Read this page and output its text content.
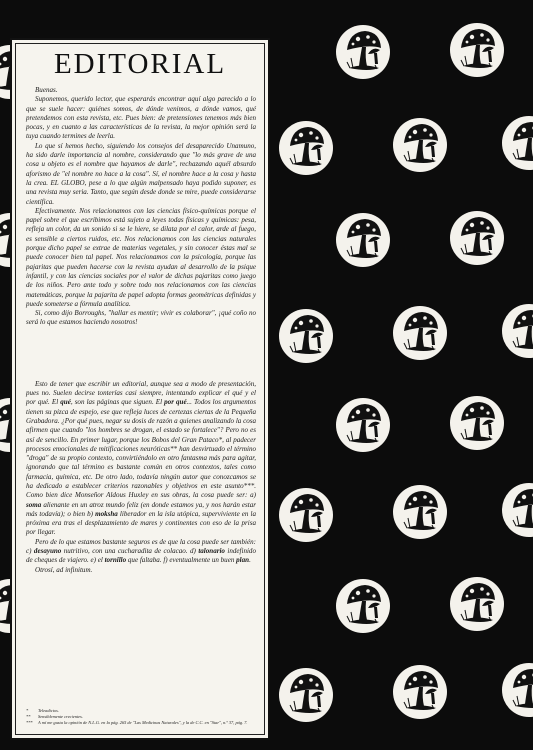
EDITORIAL

Buenas.

Suponemos, querido lector, que esperarás encontrar aquí algo parecido a lo que se suele hacer: quiénes somos, de dónde venimos, a dónde vamos, qué pretendemos con esta revista, etc. Pues bien: de pretensiones tenemos más bien pocas, y en cuanto a las características de la revista, la mejor opinión será la tuya cuando termines de leerla.

Lo que sí hemos hecho, siguiendo los consejos del desaparecido Unamuno, ha sido darle importancia al nombre, considerando que "lo más grave de una cosa u objeto es el nombre que hayamos de darle", rechazando aquél absurdo aforismo de "el nombre no hace a la cosa". Sí, el nombre hace a la cosa y hasta la crea. EL GLOBO, pese a lo que algún malpensado haya podido suponer, es una revista muy seria. Tanto, que según desde donde se mire, puede considerarse científica.

Efectivamente. Nos relacionamos con las ciencias físico-químicas porque el papel sobre el que escribimos está sujeto a leyes todas físicas y químicas: pesa, refleja un color, da un sonido si se le hiere, se dilata por el calor, arde al fuego, es sensible a ciertos ruidos, etc. Nos relacionamos con las ciencias naturales porque dicho papel se extrae de materias vegetales, y sin conocer éstas mal se puede conocer bien tal papel. Nos relacionamos con la psicología, porque las pajaritas que pueden hacerse con la revista ayudan al desarrollo de la psique infantil, y con las ciencias sociales por el valor de dichas pajaritas como juego de los niños. Pero ante todo y sobre todo nos relacionamos con las ciencias matemáticas, porque la pajarita de papel adopta formas geométricas definidas y puede someterse a fórmula analítica.

Si, como dijo Borroughs, "hallar es mentir; vivir es colaborar", ¡qué coño no será lo que estamos haciendo nosotros!

Esto de tener que escribir un editorial, aunque sea a modo de presentación, pues no. Suelen decirse tonterías casi siempre, intentando explicar el qué y el por qué. El qué, son las páginas que siguen. El por qué... Todos los argumentos tienen su pizca de espejo, ese que refleja luces de certezas ciertas de la Pequeña Grabadora. ¿Por qué pues, negar su dosis de razón a quienes analizando la cosa afirmen que cuando "los hombres se drogan, el estado se fortalece"? Pero no es así de sencillo. En primer lugar, porque los Bobos del Gran Pataco*, al padecer procesos emocionales de mitificaciones neuróticas** han desvirtuado el término "droga" de su propio contexto, convirtiéndolo en otro fantasma más para agitar, ignorando que tal término es bastante común en otros contextos, tales como farmacia, química, etc. De otro lado, todavía ningún autor que conozcamos se ha dedicado a establecer criterios razonables y objetivos en este asunto***. Como bien dice Monseñor Aldous Huxley en sus obras, la cosa puede ser: a) soma alienante en un atroz mundo feliz (en donde estamos ya, y nos harán estar más todavía); o bien b) moksha liberador en la isla utópica, superviviente en la próxima era tras el desplazamiento de mares y continentes con eso de la prisa por llegar.

Pero de lo que estamos bastante seguros es de que la cosa puede ser también: c) desayuno nutritivo, con una cucharadita de colacao. d) talonario indefinido de cheques de viajero. e) el tornillo que faltaba. f) eventualmente un buen plan.

Otrosí, ad infinitum.

*	Teleadictos.
**	Sensiblemente crecientes.
***	A mí me gusta la opinión de N.L.G. en la pág. 265 de "Las Medicinas Naturales", y la de C.C. en "Star", n.º 37, pág. 7.
